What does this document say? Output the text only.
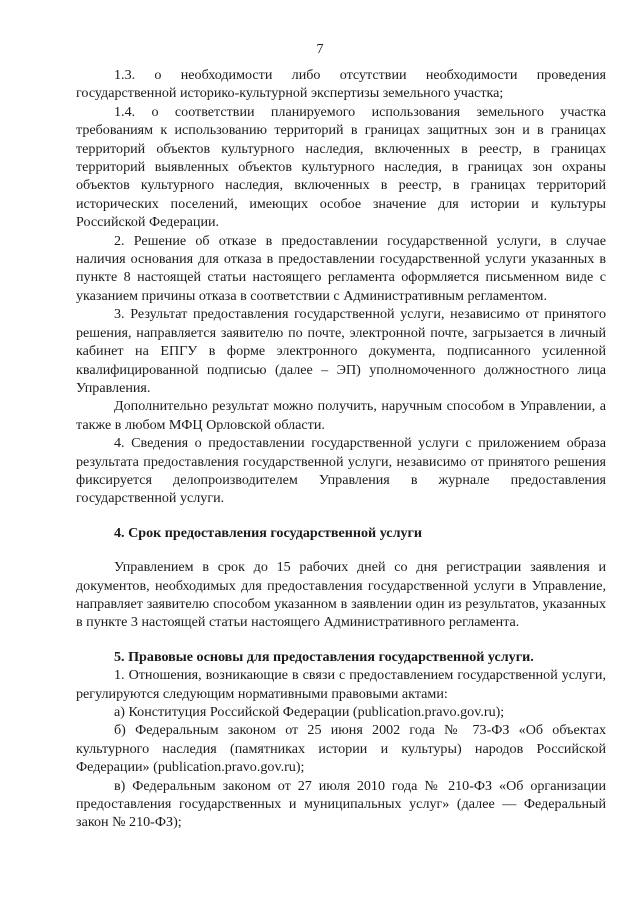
7

1.3. о необходимости либо отсутствии необходимости проведения государственной историко-культурной экспертизы земельного участка;

1.4. о соответствии планируемого использования земельного участка требованиям к использованию территорий в границах защитных зон и в границах территорий объектов культурного наследия, включенных в реестр, в границах территорий выявленных объектов культурного наследия, в границах зон охраны объектов культурного наследия, включенных в реестр, в границах территорий исторических поселений, имеющих особое значение для истории и культуры Российской Федерации.

2. Решение об отказе в предоставлении государственной услуги, в случае наличия основания для отказа в предоставлении государственной услуги указанных в пункте 8 настоящей статьи настоящего регламента оформляется письменном виде с указанием причины отказа в соответствии с Административным регламентом.

3. Результат предоставления государственной услуги, независимо от принятого решения, направляется заявителю по почте, электронной почте, загрызается в личный кабинет на ЕПГУ в форме электронного документа, подписанного усиленной квалифицированной подписью (далее – ЭП) уполномоченного должностного лица Управления.

Дополнительно результат можно получить, наручным способом в Управлении, а также в любом МФЦ Орловской области.

4. Сведения о предоставлении государственной услуги с приложением образа результата предоставления государственной услуги, независимо от принятого решения фиксируется делопроизводителем Управления в журнале предоставления государственной услуги.

4. Срок предоставления государственной услуги

Управлением в срок до 15 рабочих дней со дня регистрации заявления и документов, необходимых для предоставления государственной услуги в Управление, направляет заявителю способом указанном в заявлении один из результатов, указанных в пункте 3 настоящей статьи настоящего Административного регламента.

5. Правовые основы для предоставления государственной услуги.

1. Отношения, возникающие в связи с предоставлением государственной услуги, регулируются следующим нормативными правовыми актами:

а) Конституция Российской Федерации (publication.pravo.gov.ru);

б) Федеральным законом от 25 июня 2002 года № 73-ФЗ «Об объектах культурного наследия (памятниках истории и культуры) народов Российской Федерации» (publication.pravo.gov.ru);

в) Федеральным законом от 27 июля 2010 года № 210-ФЗ «Об организации предоставления государственных и муниципальных услуг» (далее — Федеральный закон № 210-ФЗ);
